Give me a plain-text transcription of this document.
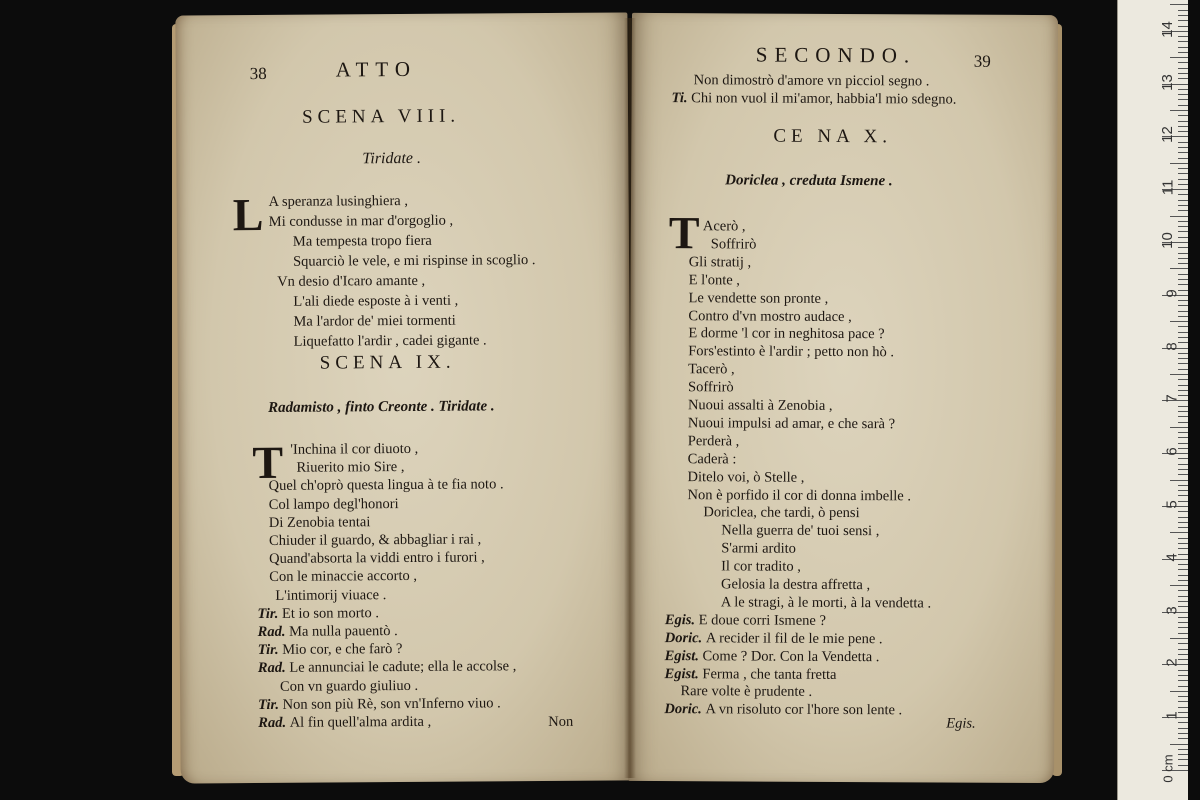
38	ATTO
SCENA VIII.
Tiridate .
L A speranza lusinghiera ,
Mi condusse in mar d'orgoglio ,
Ma tempesta tropo fiera
Squarciò le vele, e mi rispinse in scoglio .
Vn desio d'Icaro amante ,
L'ali diede esposte à i venti ,
Ma l'ardor de' miei tormenti
Liquefatto l'ardir , cadei gigante .
SCENA IX.
Radamisto , finto Creonte . Tiridate .
T 'Inchina il cor diuoto ,
Riuerito mio Sire ,
Quel ch'oprò questa lingua à te fia noto .
Col lampo degl'honori
Di Zenobia tentai
Chiuder il guardo, & abbagliar i rai ,
Quand'absorta la viddi entro i furori ,
Con le minaccie accorto ,
L'intimorij viuace .
Tir. Et io son morto .
Rad. Ma nulla pauentò .
Tir. Mio cor, e che farò ?
Rad. Le annunciai le cadute; ella le accolse ,
Con vn guardo giuliuo .
Tir. Non son più Rè, son vn'Inferno viuo .
Rad. Al fin quell'alma ardita ,	Non
SECONDO.	39
Non dimostrò d'amore vn picciol segno .
Ti. Chi non vuol il mi'amor, habbia'l mio sdegno.
CE NA X.
Doriclea , creduta Ismene .
T Acerò ,
Soffrirò
Gli stratij ,
E l'onte ,
Le vendette son pronte ,
Contro d'vn mostro audace ,
E dorme 'l cor in neghitosa pace ?
Fors'estinto è l'ardir ; petto non hò .
Tacerò ,
Soffrirò
Nuoui assalti à Zenobia ,
Nuoui impulsi ad amar, e che sarà ?
Perderà ,
Caderà :
Ditelo voi, ò Stelle ,
Non è porfido il cor di donna imbelle .
Doriclea, che tardi, ò pensi
Nella guerra de' tuoi sensi ,
S'armi ardito
Il cor tradito ,
Gelosia la destra affretta ,
A le stragi, à le morti, à la vendetta .
Egis. E doue corri Ismene ?
Doric. A recider il fil de le mie pene .
Egist. Come ? Dor. Con la Vendetta .
Egist. Ferma , che tanta fretta
Rare volte è prudente .
Doric. A vn risoluto cor l'hore son lente .
Egis.	1
2
3
4
5
6
7
8
9
10
11
12
13
14
0 cm
